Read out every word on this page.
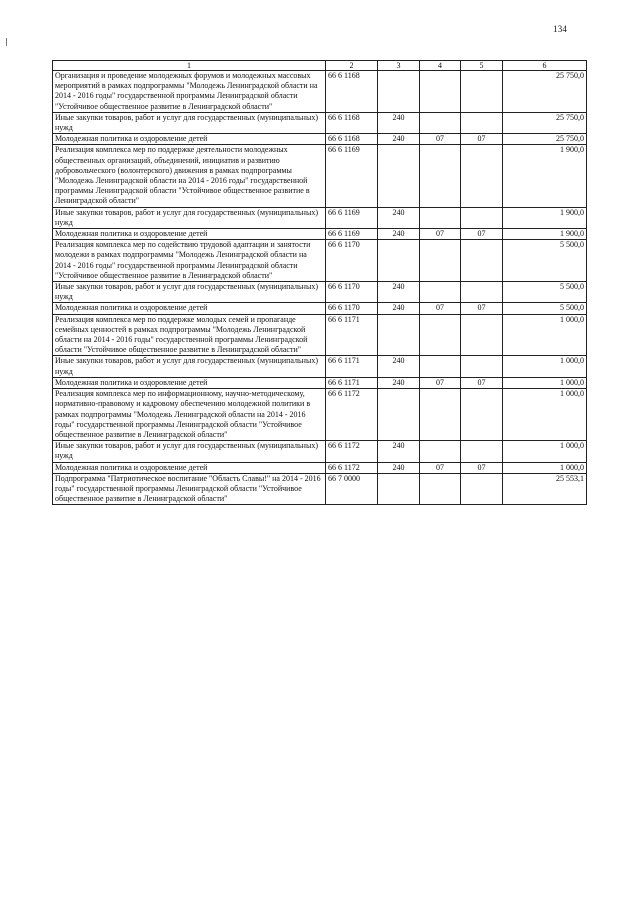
134
1	2	3	4	5	6
Организация и проведение молодежных форумов и молодежных массовых мероприятий в рамках подпрограммы "Молодежь Ленинградской области на 2014 - 2016 годы" государственной программы Ленинградской области "Устойчивое общественное развитие в Ленинградской области"	66 6 1168				25 750,0
Иные закупки товаров, работ и услуг для государственных (муниципальных) нужд	66 6 1168	240			25 750,0
Молодежная политика и оздоровление детей	66 6 1168	240	07	07	25 750,0
Реализация комплекса мер по поддержке деятельности молодежных общественных организаций, объединений, инициатив и развитию добровольческого (волонтерского) движения в рамках подпрограммы "Молодежь Ленинградской области на 2014 - 2016 годы" государственной программы Ленинградской области "Устойчивое общественное развитие в Ленинградской области"	66 6 1169				1 900,0
Иные закупки товаров, работ и услуг для государственных (муниципальных) нужд	66 6 1169	240			1 900,0
Молодежная политика и оздоровление детей	66 6 1169	240	07	07	1 900,0
Реализация комплекса мер по содействию трудовой адаптации и занятости молодежи в рамках подпрограммы "Молодежь Ленинградской области на 2014 - 2016 годы" государственной программы Ленинградской области "Устойчивое общественное развитие в Ленинградской области"	66 6 1170				5 500,0
Иные закупки товаров, работ и услуг для государственных (муниципальных) нужд	66 6 1170	240			5 500,0
Молодежная политика и оздоровление детей	66 6 1170	240	07	07	5 500,0
Реализация комплекса мер по поддержке молодых семей и пропаганде семейных ценностей в рамках подпрограммы "Молодежь Ленинградской области на 2014 - 2016 годы" государственной программы Ленинградской области "Устойчивое общественное развитие в Ленинградской области"	66 6 1171				1 000,0
Иные закупки товаров, работ и услуг для государственных (муниципальных) нужд	66 6 1171	240			1 000,0
Молодежная политика и оздоровление детей	66 6 1171	240	07	07	1 000,0
Реализация комплекса мер по информационному, научно-методическому, нормативно-правовому и кадровому обеспечению молодежной политики в рамках подпрограммы "Молодежь Ленинградской области на 2014 - 2016 годы" государственной программы Ленинградской области "Устойчивое общественное развитие в Ленинградской области"	66 6 1172				1 000,0
Иные закупки товаров, работ и услуг для государственных (муниципальных) нужд	66 6 1172	240			1 000,0
Молодежная политика и оздоровление детей	66 6 1172	240	07	07	1 000,0
Подпрограмма "Патриотическое воспитание "Область Славы!" на 2014 - 2016 годы" государственной программы Ленинградской области "Устойчивое общественное развитие в Ленинградской области"	66 7 0000				25 553,1
